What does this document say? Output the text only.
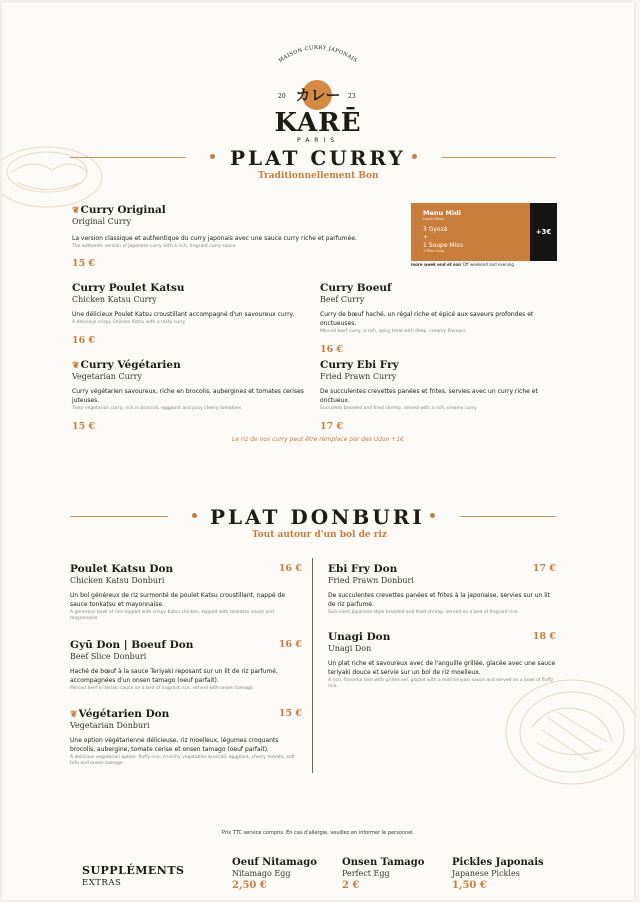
MAISON CURRY JAPONAIS
20	23
カレー
KARĒ
PARIS
PLAT CURRY
Traditionnellement Bon
❦Curry Original
Original Curry
La version classique et authentique du curry japonais avec une sauce curry riche et parfumée.
The authentic version of Japanese curry with a rich, fragrant curry sauce
15 €
Menu Midi
Lunch Menu
3 Gyozá
+
1 Soupe Miso
1 Miso Soup
+3€
more week end et soir Off weekend and evening
Curry Poulet Katsu
Chicken Katsu Curry
Une délicieux Poulet Katsu croustillant accompagné d'un savoureux curry.
A delicious crispy Chicken Katsu with a tasty curry
16 €
Curry Boeuf
Beef Curry
Curry de bœuf haché, un régal riche et épicé aux saveurs profondes et onctueuses.
Minced beef curry, a rich, spicy treat with deep, creamy flavours
16 €
❦Curry Végétarien
Vegetarian Curry
Curry végétarien savoureux, riche en brocolis, aubergines et tomates cerises juteuses.
Tasty vegetarian curry, rich in broccoli, eggplant and juicy cherry tomatoes
15 €
Curry Ebi Fry
Fried Prawn Curry
De succulentes crevettes panées et frites, servies avec un curry riche et onctueux.
Succulent breaded and fried shrimp, served with a rich, creamy curry
17 €
Le riz de nos curry peut être remplace par des Udon +1€
PLAT DONBURI
Tout autour d'un bol de riz
16 €
Poulet Katsu Don
Chicken Katsu Donburi
Un bol généreux de riz surmonté de poulet Katsu croustillant, nappé de sauce tonkatsu et mayonnaise.
A generous bowl of rice topped with crispy Katsu chicken, topped with tonkatsu sauce and mayonnaise
16 €
Gyū Don | Boeuf Don
Beef Slice Donburi
Haché de bœuf à la sauce Teriyaki reposant sur un lit de riz parfumé, accompagnées d'un onsen tamago (oeuf parfait).
Minced beef in teriaki sauce on a bed of fragrant rice, served with onsen tamago.
15 €
❦Végétarien Don
Vegetarian Donburi
Une option végétarienne délicieuse, riz moelleux, légumes croquants brocolis, aubergine, tomate cerise et onsen tamago (oeuf parfait).
A delicious vegetarian option. fluffy rice, crunchy vegetables broccoli, eggplant, cherry tomato, soft tofu and onsen tamago
17 €
Ebi Fry Don
Fried Prawn Donburi
De succulentes crevettes panées et frites à la japonaise, servies sur un lit de riz parfumé.
Succulent Japanese-style breaded and fried shrimp, served on a bed of fragrant rice
18 €
Unagi Don
Unagi Don
Un plat riche et savoureux avec de l'anguille grillée, glacée avec une sauce teriyaki douce et servie sur un bol de riz moelleux.
A rich, flavorful dish with grilled eel, glazed with a mild teriyaki sauce and served on a bowl of fluffy rice.
Prix TTC service compris. En cas d'allergie, veuillez en informer le personnel.
SUPPLÉMENTS
EXTRAS
Oeuf Nitamago
Nitamago Egg
2,50 €
Onsen Tamago
Perfect Egg
2 €
Pickles Japonais
Japanese Pickles
1,50 €
